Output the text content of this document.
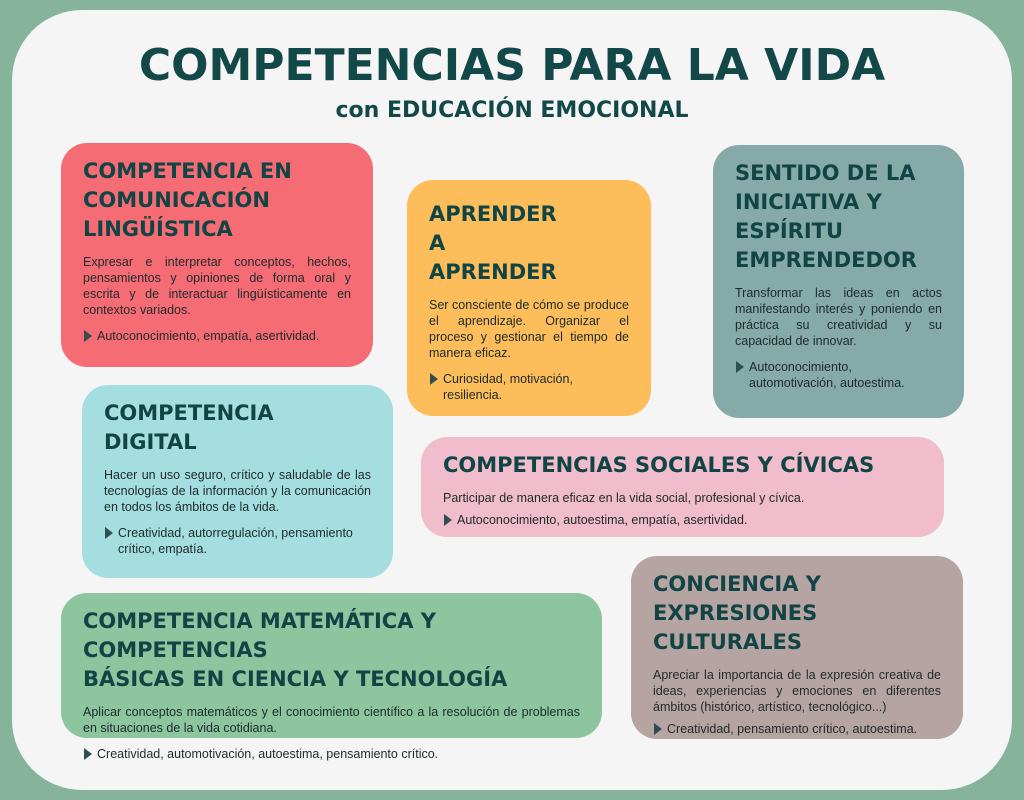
COMPETENCIAS PARA LA VIDA
con EDUCACIÓN EMOCIONAL
COMPETENCIA EN
COMUNICACIÓN
LINGÜÍSTICA

Expresar e interpretar conceptos, hechos, pensamientos y opiniones de forma oral y escrita y de interactuar lingüísticamente en contextos variados.

Autoconocimiento, empatía, asertividad.
APRENDER
A
APRENDER

Ser consciente de cómo se produce el aprendizaje. Organizar el proceso y gestionar el tiempo de manera eficaz.

Curiosidad, motivación, resiliencia.
SENTIDO DE LA
INICIATIVA Y
ESPÍRITU
EMPRENDEDOR

Transformar las ideas en actos manifestando interés y poniendo en práctica su creatividad y su capacidad de innovar.

Autoconocimiento, automotivación, autoestima.
COMPETENCIA
DIGITAL

Hacer un uso seguro, crítico y saludable de las tecnologías de la información y la comunicación en todos los ámbitos de la vida.

Creatividad, autorregulación, pensamiento crítico, empatía.
COMPETENCIAS SOCIALES Y CÍVICAS

Participar de manera eficaz en la vida social, profesional y cívica.

Autoconocimiento, autoestima, empatía, asertividad.
COMPETENCIA MATEMÁTICA Y COMPETENCIAS
BÁSICAS EN CIENCIA Y TECNOLOGÍA

Aplicar conceptos matemáticos y el conocimiento científico a la resolución de problemas en situaciones de la vida cotidiana.

Creatividad, automotivación, autoestima, pensamiento crítico.
CONCIENCIA Y
EXPRESIONES
CULTURALES

Apreciar la importancia de la expresión creativa de ideas, experiencias y emociones en diferentes ámbitos (histórico, artístico, tecnológico...)

Creatividad, pensamiento crítico, autoestima.
